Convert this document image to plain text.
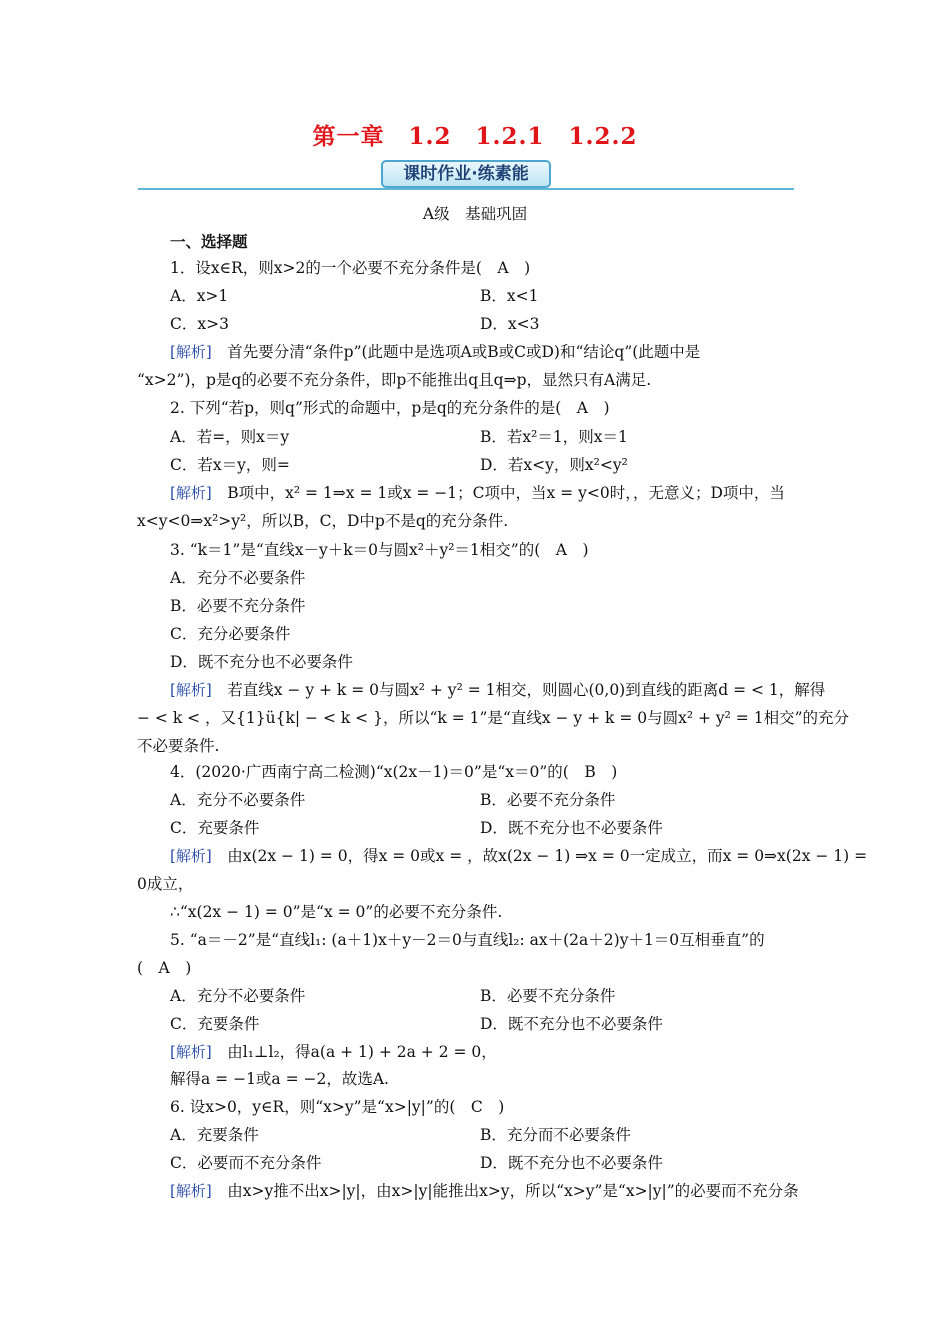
第一章　1.2　1.2.1　1.2.2
课时作业·练素能
A级　基础巩固
一、选择题
1．设x∈R，则x>2的一个必要不充分条件是(　A　)
A．x>1	B．x<1
C．x>3	D．x<3
[解析]　 首先要分清“条件p”(此题中是选项A或B或C或D)和“结论q”(此题中是
“x>2”)，p是q的必要不充分条件，即p不能推出q且q⇒p，显然只有A满足.
2. 下列“若p，则q”形式的命题中，p是q的充分条件的是(　A　)
A．若=，则x＝y	B．若x²＝1，则x＝1
C．若x＝y，则=	D．若x<y，则x²<y²
[解析]　 B项中，x² = 1⇒x = 1或x = −1；C项中，当x = y<0时，，无意义；D项中，当
x<y<0⇒x²>y²，所以B，C，D中p不是q的充分条件.
3. “k＝1”是“直线x－y＋k＝0与圆x²＋y²＝1相交”的(　A　)
A．充分不必要条件
B．必要不充分条件
C．充分必要条件
D．既不充分也不必要条件
[解析]　 若直线x − y + k = 0与圆x² + y² = 1相交，则圆心(0,0)到直线的距离d = < 1，解得
− < k < ，又{1}ü{k| − < k < }，所以“k = 1”是“直线x − y + k = 0与圆x² + y² = 1相交”的充分
不必要条件.
4．(2020·广西南宁高二检测)“x(2x－1)＝0”是“x＝0”的(　B　)
A．充分不必要条件	B．必要不充分条件
C．充要条件	D．既不充分也不必要条件
[解析]　 由x(2x − 1) = 0，得x = 0或x = ，故x(2x − 1) ⇒x = 0一定成立，而x = 0⇒x(2x − 1) =
0成立，
∴“x(2x − 1) = 0”是“x = 0”的必要不充分条件.
5. “a＝－2”是“直线l₁: (a＋1)x＋y－2＝0与直线l₂: ax＋(2a＋2)y＋1＝0互相垂直”的
(　A　)
A．充分不必要条件	B．必要不充分条件
C．充要条件	D．既不充分也不必要条件
[解析]　 由l₁⊥l₂，得a(a + 1) + 2a + 2 = 0，
解得a = −1或a = −2，故选A.
6. 设x>0，y∈R，则“x>y”是“x>|y|”的(　C　)
A．充要条件	B．充分而不必要条件
C．必要而不充分条件	D．既不充分也不必要条件
[解析]　 由x>y推不出x>|y|，由x>|y|能推出x>y，所以“x>y”是“x>|y|”的必要而不充分条
